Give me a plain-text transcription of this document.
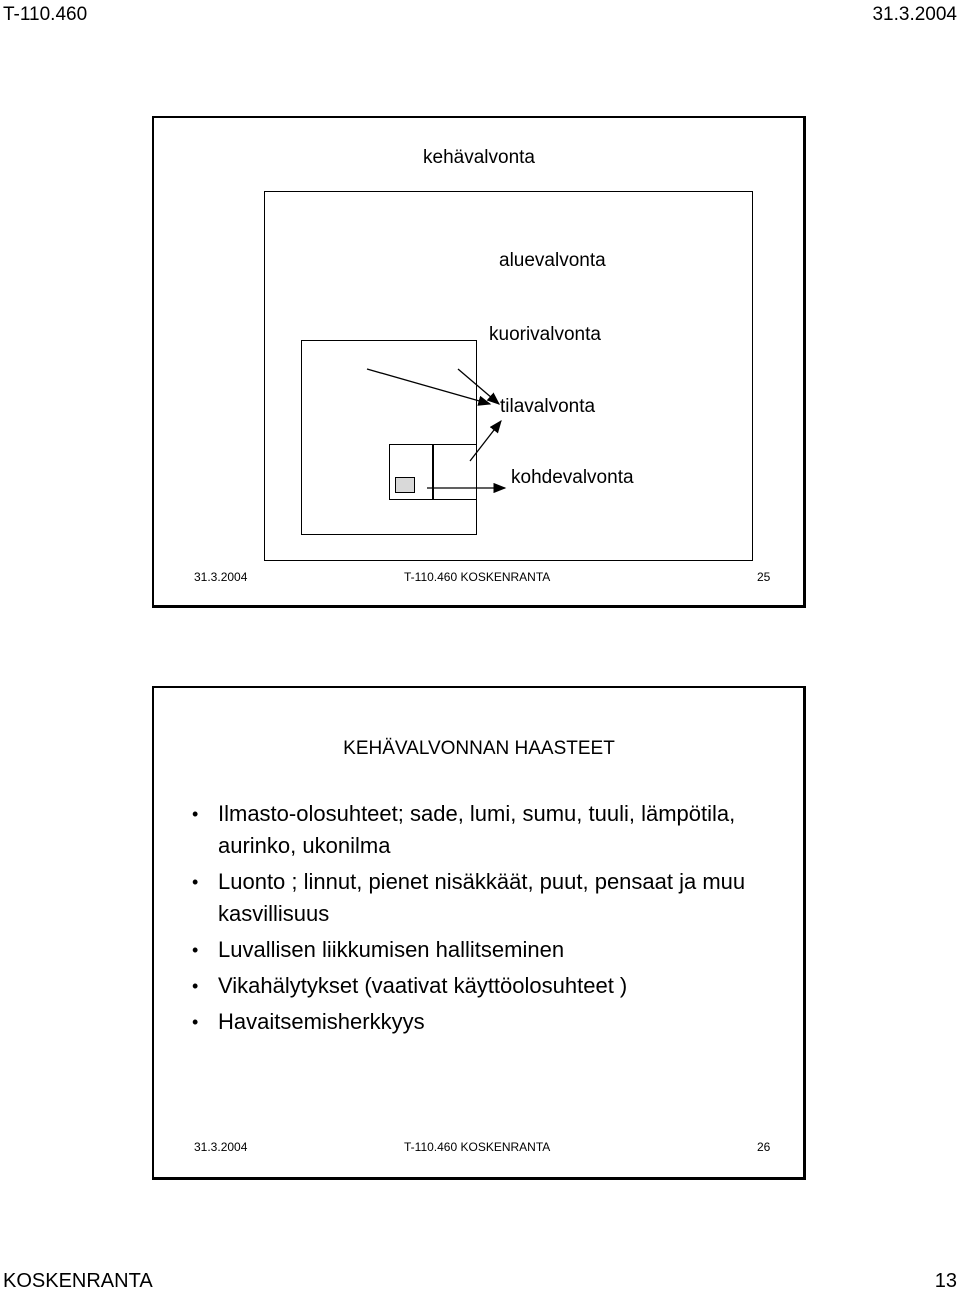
T-110.460	31.3.2004
kehävalvonta
aluevalvonta
kuorivalvonta
tilavalvonta
kohdevalvonta
31.3.2004	T-110.460 KOSKENRANTA	25
KEHÄVALVONNAN HAASTEET
• Ilmasto-olosuhteet; sade, lumi, sumu, tuuli, lämpötila, aurinko, ukonilma
• Luonto ; linnut, pienet nisäkkäät, puut, pensaat ja muu kasvillisuus
• Luvallisen liikkumisen hallitseminen
• Vikahälytykset (vaativat käyttöolosuhteet )
• Havaitsemisherkkyys
31.3.2004	T-110.460 KOSKENRANTA	26
KOSKENRANTA	13
